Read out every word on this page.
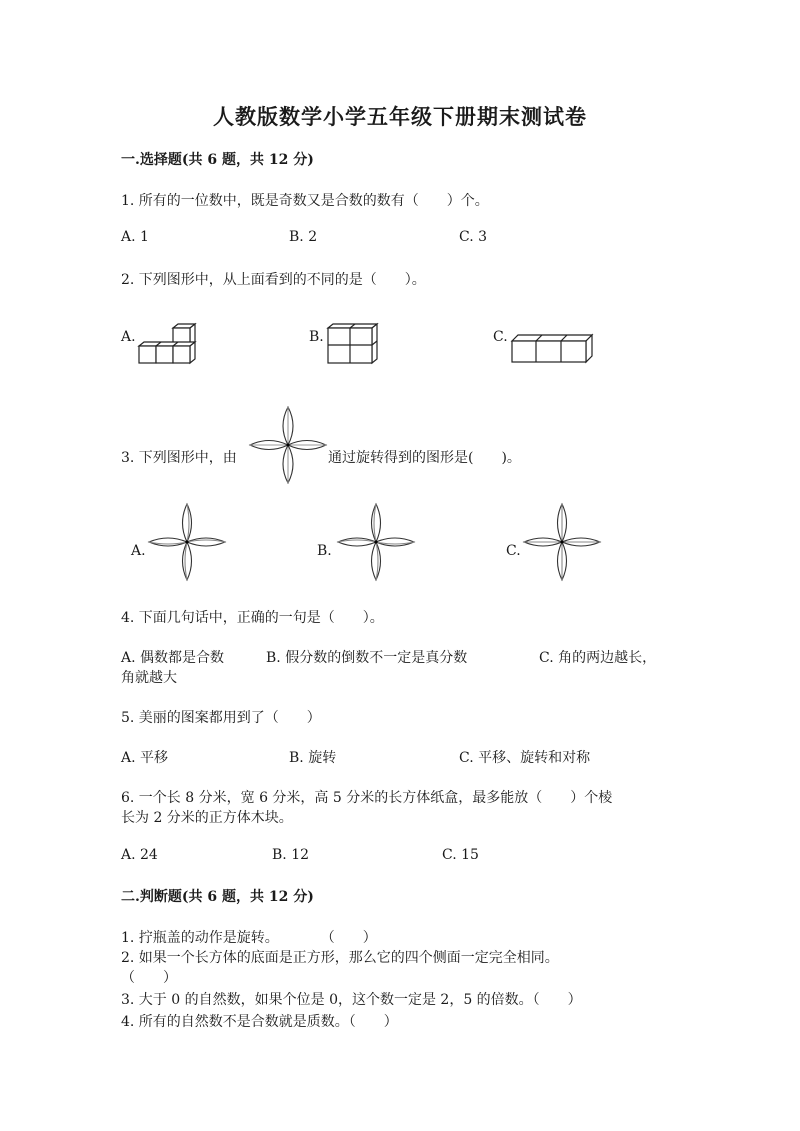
人教版数学小学五年级下册期末测试卷
一.选择题(共 6 题，共 12 分)
1. 所有的一位数中，既是奇数又是合数的数有（　　）个。
A. 1	B. 2	C. 3
2. 下列图形中，从上面看到的不同的是（　　）。
A.	B.	C.
3. 下列图形中，由	通过旋转得到的图形是(　　)。
A.	B.	C.
4. 下面几句话中，正确的一句是（　　）。
A. 偶数都是合数	B. 假分数的倒数不一定是真分数	C. 角的两边越长，
角就越大
5. 美丽的图案都用到了（　　）
A. 平移	B. 旋转	C. 平移、旋转和对称
6. 一个长 8 分米，宽 6 分米，高 5 分米的长方体纸盒，最多能放（　　）个棱
长为 2 分米的正方体木块。
A. 24	B. 12	C. 15
二.判断题(共 6 题，共 12 分)
1. 拧瓶盖的动作是旋转。　　　　（　　）
2. 如果一个长方体的底面是正方形，那么它的四个侧面一定完全相同。
（　　）
3. 大于 0 的自然数，如果个位是 0，这个数一定是 2，5 的倍数。（　　）
4. 所有的自然数不是合数就是质数。（　　）
